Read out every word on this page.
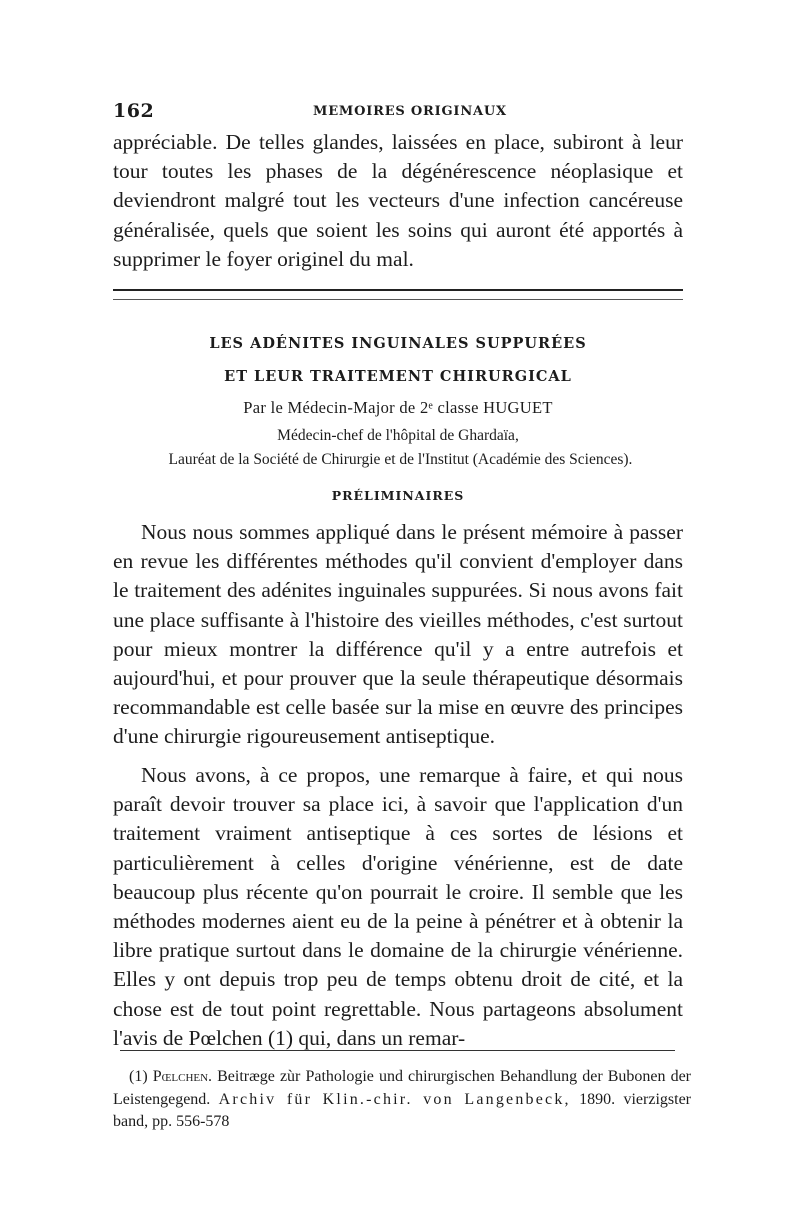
162	MEMOIRES ORIGINAUX
appréciable. De telles glandes, laissées en place, subiront à leur tour toutes les phases de la dégénérescence néoplasique et deviendront malgré tout les vecteurs d'une infection cancéreuse généralisée, quels que soient les soins qui auront été apportés à supprimer le foyer originel du mal.
LES ADÉNITES INGUINALES SUPPURÉES
ET LEUR TRAITEMENT CHIRURGICAL
Par le Médecin-Major de 2ᵉ classe HUGUET
Médecin-chef de l'hôpital de Ghardaïa,
Lauréat de la Société de Chirurgie et de l'Institut (Académie des Sciences).
PRÉLIMINAIRES
Nous nous sommes appliqué dans le présent mémoire à passer en revue les différentes méthodes qu'il convient d'employer dans le traitement des adénites inguinales suppurées. Si nous avons fait une place suffisante à l'histoire des vieilles méthodes, c'est surtout pour mieux montrer la différence qu'il y a entre autrefois et aujourd'hui, et pour prouver que la seule thérapeutique désormais recommandable est celle basée sur la mise en œuvre des principes d'une chirurgie rigoureusement antiseptique.
Nous avons, à ce propos, une remarque à faire, et qui nous paraît devoir trouver sa place ici, à savoir que l'application d'un traitement vraiment antiseptique à ces sortes de lésions et particulièrement à celles d'origine vénérienne, est de date beaucoup plus récente qu'on pourrait le croire. Il semble que les méthodes modernes aient eu de la peine à pénétrer et à obtenir la libre pratique surtout dans le domaine de la chirurgie vénérienne. Elles y ont depuis trop peu de temps obtenu droit de cité, et la chose est de tout point regrettable. Nous partageons absolument l'avis de Pœlchen (1) qui, dans un remar-
(1) Pœlchen. Beitræge zùr Pathologie und chirurgischen Behandlung der Bubonen der Leistengegend. Archiv für Klin.-chir. von Langenbeck, 1890. vierzigster band, pp. 556-578
